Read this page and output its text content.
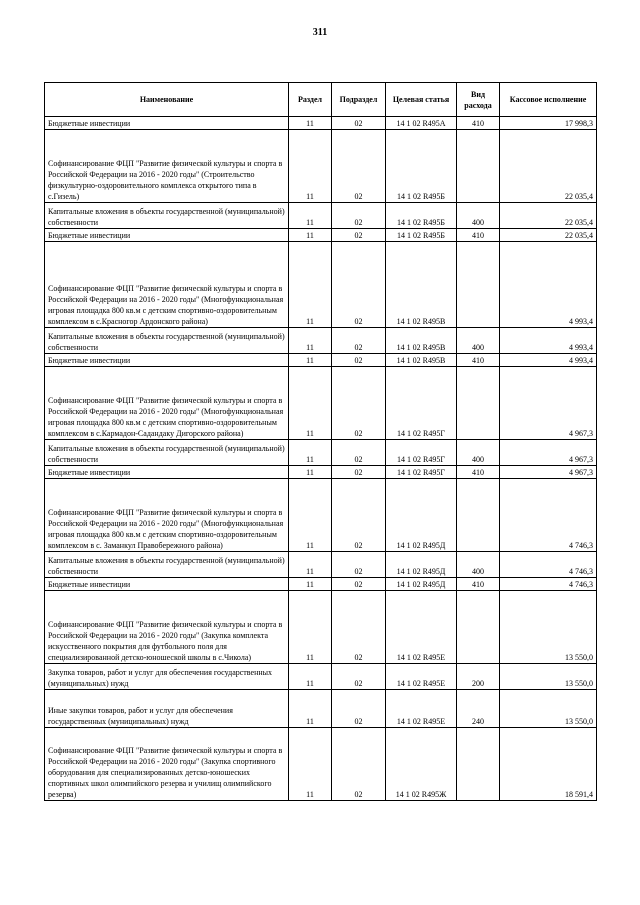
311
Наименование	Раздел	Подраздел	Целевая статья	Вид расхода	Кассовое исполнение
Бюджетные инвестиции	11	02	14 1 02 R495А	410	17 998,3
Софинансирование ФЦП "Развитие физической культуры и спорта в Российской Федерации на 2016 - 2020 годы" (Строительство физкультурно-оздоровительного комплекса открытого типа в с.Гизель)	11	02	14 1 02 R495Б		22 035,4
Капитальные вложения в объекты государственной (муниципальной) собственности	11	02	14 1 02 R495Б	400	22 035,4
Бюджетные инвестиции	11	02	14 1 02 R495Б	410	22 035,4
Софинансирование ФЦП "Развитие физической культуры и спорта в Российской Федерации на 2016 - 2020 годы" (Многофункциональная игровая площадка 800 кв.м с детским спортивно-оздоровительным комплексом в с.Красногор Ардонского района)	11	02	14 1 02 R495В		4 993,4
Капитальные вложения в объекты государственной (муниципальной) собственности	11	02	14 1 02 R495В	400	4 993,4
Бюджетные инвестиции	11	02	14 1 02 R495В	410	4 993,4
Софинансирование ФЦП "Развитие физической культуры и спорта в Российской Федерации на 2016 - 2020 годы" (Многофункциональная игровая площадка 800 кв.м с детским спортивно-оздоровительным комплексом в с.Кармадон-Садандаку Дигорского района)	11	02	14 1 02 R495Г		4 967,3
Капитальные вложения в объекты государственной (муниципальной) собственности	11	02	14 1 02 R495Г	400	4 967,3
Бюджетные инвестиции	11	02	14 1 02 R495Г	410	4 967,3
Софинансирование ФЦП "Развитие физической культуры и спорта в Российской Федерации на 2016 - 2020 годы" (Многофункциональная игровая площадка 800 кв.м с детским спортивно-оздоровительным комплексом в с. Заманкул Правобережного района)	11	02	14 1 02 R495Д		4 746,3
Капитальные вложения в объекты государственной (муниципальной) собственности	11	02	14 1 02 R495Д	400	4 746,3
Бюджетные инвестиции	11	02	14 1 02 R495Д	410	4 746,3
Софинансирование ФЦП "Развитие физической культуры и спорта в Российской Федерации на 2016 - 2020 годы" (Закупка комплекта искусственного покрытия для футбольного поля для специализированной детско-юношеской школы в с.Чикола)	11	02	14 1 02 R495Е		13 550,0
Закупка товаров, работ и услуг для обеспечения государственных (муниципальных) нужд	11	02	14 1 02 R495Е	200	13 550,0
Иные закупки товаров, работ и услуг для обеспечения государственных (муниципальных) нужд	11	02	14 1 02 R495Е	240	13 550,0
Софинансирование ФЦП "Развитие физической культуры и спорта в Российской Федерации на 2016 - 2020 годы" (Закупка спортивного оборудования для специализированных детско-юношеских спортивных школ олимпийского резерва и училищ олимпийского резерва)	11	02	14 1 02 R495Ж		18 591,4
